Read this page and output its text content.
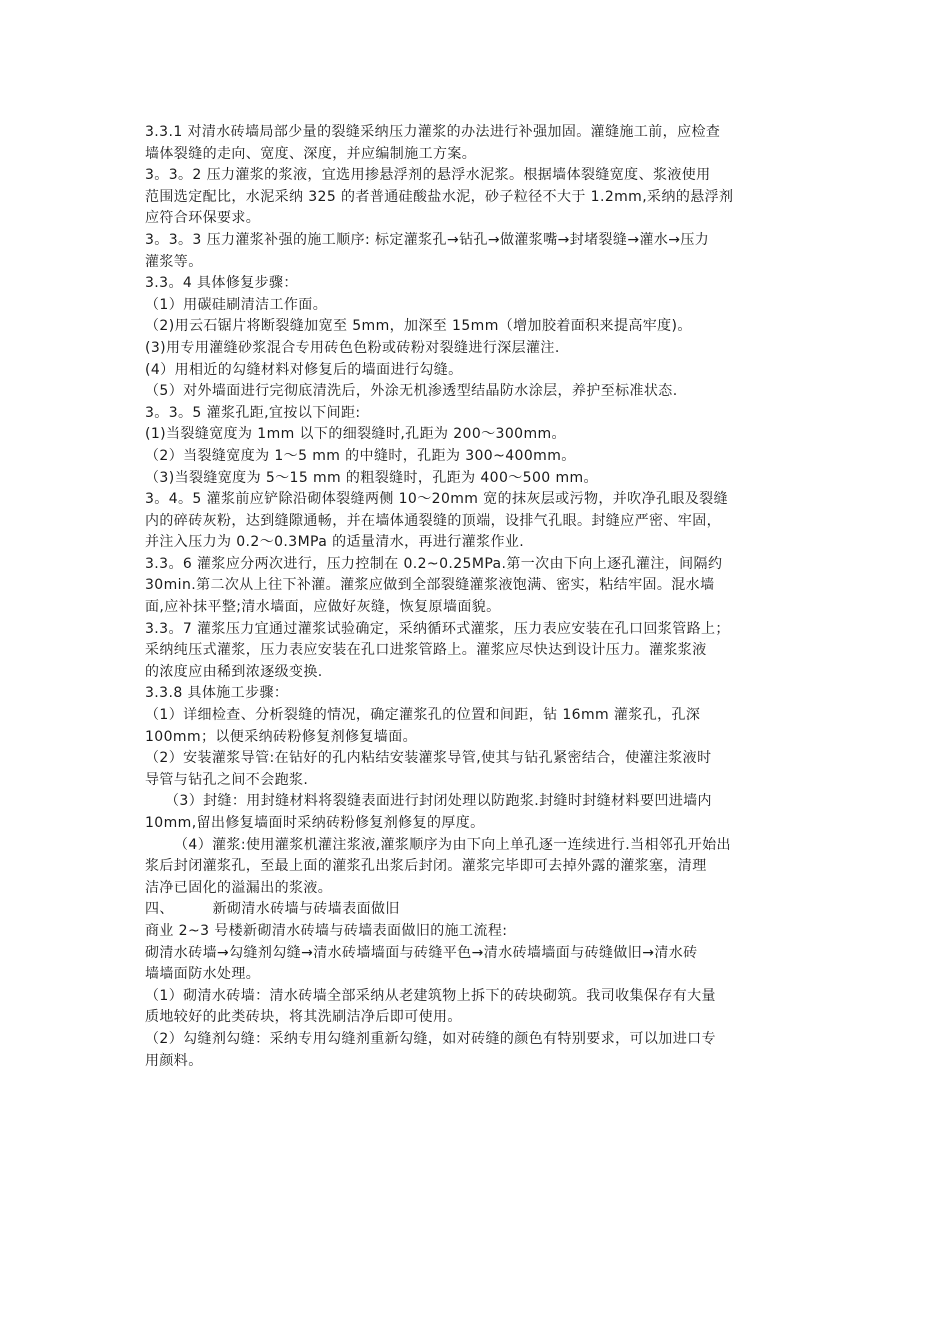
3.3.1 对清水砖墙局部少量的裂缝采纳压力灌浆的办法进行补强加固。灌缝施工前，应检查
墙体裂缝的走向、宽度、深度，并应编制施工方案。
3。3。2 压力灌浆的浆液，宜选用掺悬浮剂的悬浮水泥浆。根据墙体裂缝宽度、浆液使用
范围选定配比，水泥采纳 325 的者普通硅酸盐水泥，砂子粒径不大于 1.2mm,采纳的悬浮剂
应符合环保要求。
3。3。3 压力灌浆补强的施工顺序: 标定灌浆孔→钻孔→做灌浆嘴→封堵裂缝→灌水→压力
灌浆等。
3.3。4 具体修复步骤：
（1）用碳硅刷清洁工作面。
（2)用云石锯片将断裂缝加宽至 5mm，加深至 15mm（增加胶着面积来提高牢度)。
(3)用专用灌缝砂浆混合专用砖色色粉或砖粉对裂缝进行深层灌注.
(4）用相近的勾缝材料对修复后的墙面进行勾缝。
（5）对外墙面进行完彻底清洗后，外涂无机渗透型结晶防水涂层，养护至标准状态.
3。3。5 灌浆孔距,宜按以下间距:
(1)当裂缝宽度为 1mm 以下的细裂缝时,孔距为 200～300mm。
（2）当裂缝宽度为 1～5 mm 的中缝时，孔距为 300~400mm。
（3)当裂缝宽度为 5～15 mm 的粗裂缝时，孔距为 400～500 mm。
3。4。5 灌浆前应铲除沿砌体裂缝两侧 10～20mm 宽的抹灰层或污物，并吹净孔眼及裂缝
内的碎砖灰粉，达到缝隙通畅，并在墙体通裂缝的顶端，设排气孔眼。封缝应严密、牢固，
并注入压力为 0.2～0.3MPa 的适量清水，再进行灌浆作业.
3.3。6 灌浆应分两次进行，压力控制在 0.2~0.25MPa.第一次由下向上逐孔灌注，间隔约
30min.第二次从上往下补灌。灌浆应做到全部裂缝灌浆液饱满、密实，粘结牢固。混水墙
面,应补抹平整;清水墙面，应做好灰缝，恢复原墙面貌。
3.3。7 灌浆压力宜通过灌浆试验确定，采纳循环式灌浆，压力表应安装在孔口回浆管路上；
采纳纯压式灌浆，压力表应安装在孔口进浆管路上。灌浆应尽快达到设计压力。灌浆浆液
的浓度应由稀到浓逐级变换.
3.3.8 具体施工步骤：
（1）详细检查、分析裂缝的情况，确定灌浆孔的位置和间距，钻 16mm 灌浆孔，孔深
100mm；以便采纳砖粉修复剂修复墙面。
（2）安装灌浆导管:在钻好的孔内粘结安装灌浆导管,使其与钻孔紧密结合，使灌注浆液时
导管与钻孔之间不会跑浆.
（3）封缝：用封缝材料将裂缝表面进行封闭处理以防跑浆.封缝时封缝材料要凹进墙内
10mm,留出修复墙面时采纳砖粉修复剂修复的厚度。
（4）灌浆:使用灌浆机灌注浆液,灌浆顺序为由下向上单孔逐一连续进行.当相邻孔开始出
浆后封闭灌浆孔，至最上面的灌浆孔出浆后封闭。灌浆完毕即可去掉外露的灌浆塞，清理
洁净已固化的溢漏出的浆液。
四、        新砌清水砖墙与砖墙表面做旧
商业 2~3 号楼新砌清水砖墙与砖墙表面做旧的施工流程:
砌清水砖墙→勾缝剂勾缝→清水砖墙墙面与砖缝平色→清水砖墙墙面与砖缝做旧→清水砖
墙墙面防水处理。
（1）砌清水砖墙：清水砖墙全部采纳从老建筑物上拆下的砖块砌筑。我司收集保存有大量
质地较好的此类砖块，将其洗刷洁净后即可使用。
（2）勾缝剂勾缝：采纳专用勾缝剂重新勾缝，如对砖缝的颜色有特别要求，可以加进口专
用颜料。
